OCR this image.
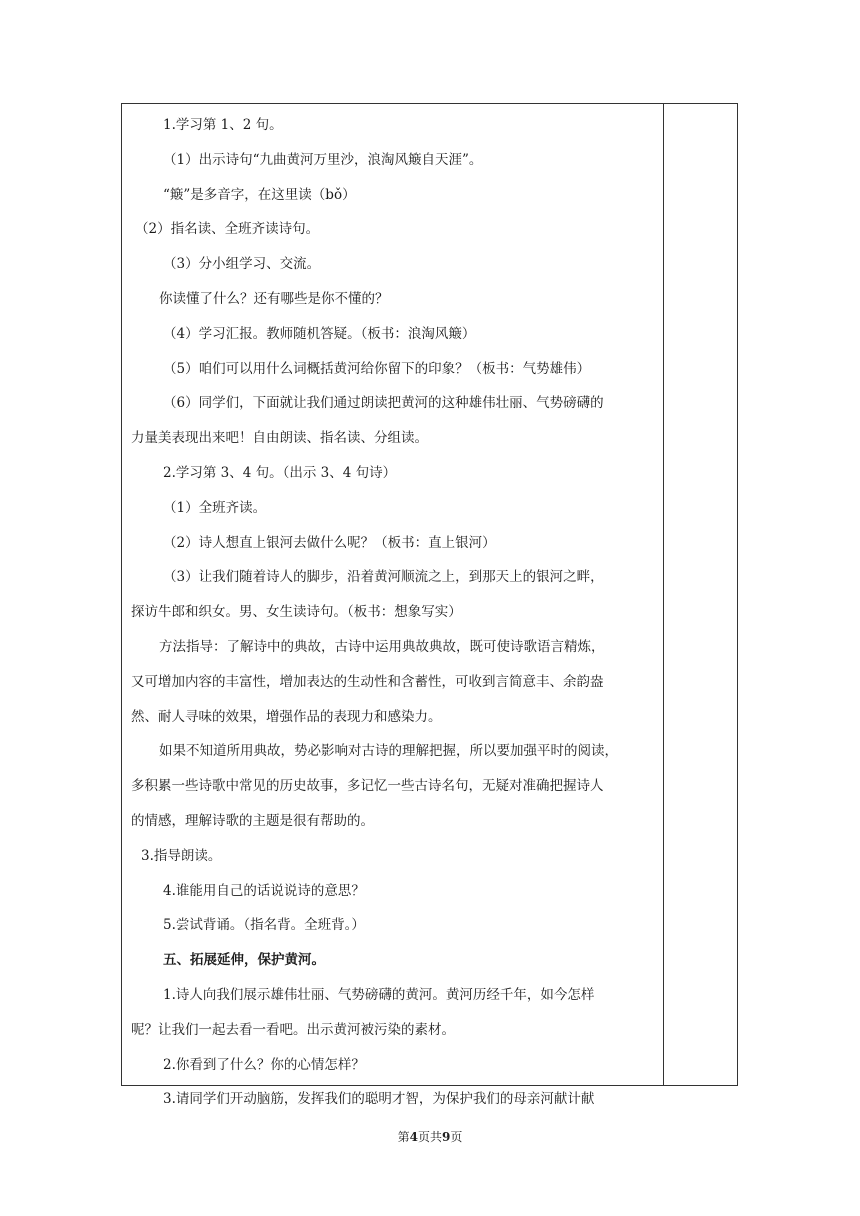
1.学习第 1、2 句。
（1）出示诗句“九曲黄河万里沙，浪淘风簸自天涯”。
“簸”是多音字，在这里读（bǒ）
（2）指名读、全班齐读诗句。
（3）分小组学习、交流。
你读懂了什么？还有哪些是你不懂的？
（4）学习汇报。教师随机答疑。（板书：浪淘风簸）
（5）咱们可以用什么词概括黄河给你留下的印象？（板书：气势雄伟）
（6）同学们，下面就让我们通过朗读把黄河的这种雄伟壮丽、气势磅礴的
力量美表现出来吧！自由朗读、指名读、分组读。
2.学习第 3、4 句。（出示 3、4 句诗）
（1）全班齐读。
（2）诗人想直上银河去做什么呢？（板书：直上银河）
（3）让我们随着诗人的脚步，沿着黄河顺流之上，到那天上的银河之畔，
探访牛郎和织女。男、女生读诗句。（板书：想象写实）
方法指导：了解诗中的典故，古诗中运用典故典故，既可使诗歌语言精炼，
又可增加内容的丰富性，增加表达的生动性和含蓄性，可收到言简意丰、余韵盎
然、耐人寻味的效果，增强作品的表现力和感染力。
如果不知道所用典故，势必影响对古诗的理解把握，所以要加强平时的阅读，
多积累一些诗歌中常见的历史故事，多记忆一些古诗名句，无疑对准确把握诗人
的情感，理解诗歌的主题是很有帮助的。
3.指导朗读。
4.谁能用自己的话说说诗的意思？
5.尝试背诵。（指名背。全班背。）
五、拓展延伸，保护黄河。
1.诗人向我们展示雄伟壮丽、气势磅礴的黄河。黄河历经千年，如今怎样
呢？让我们一起去看一看吧。出示黄河被污染的素材。
2.你看到了什么？你的心情怎样？
3.请同学们开动脑筋，发挥我们的聪明才智，为保护我们的母亲河献计献
第4页共9页
